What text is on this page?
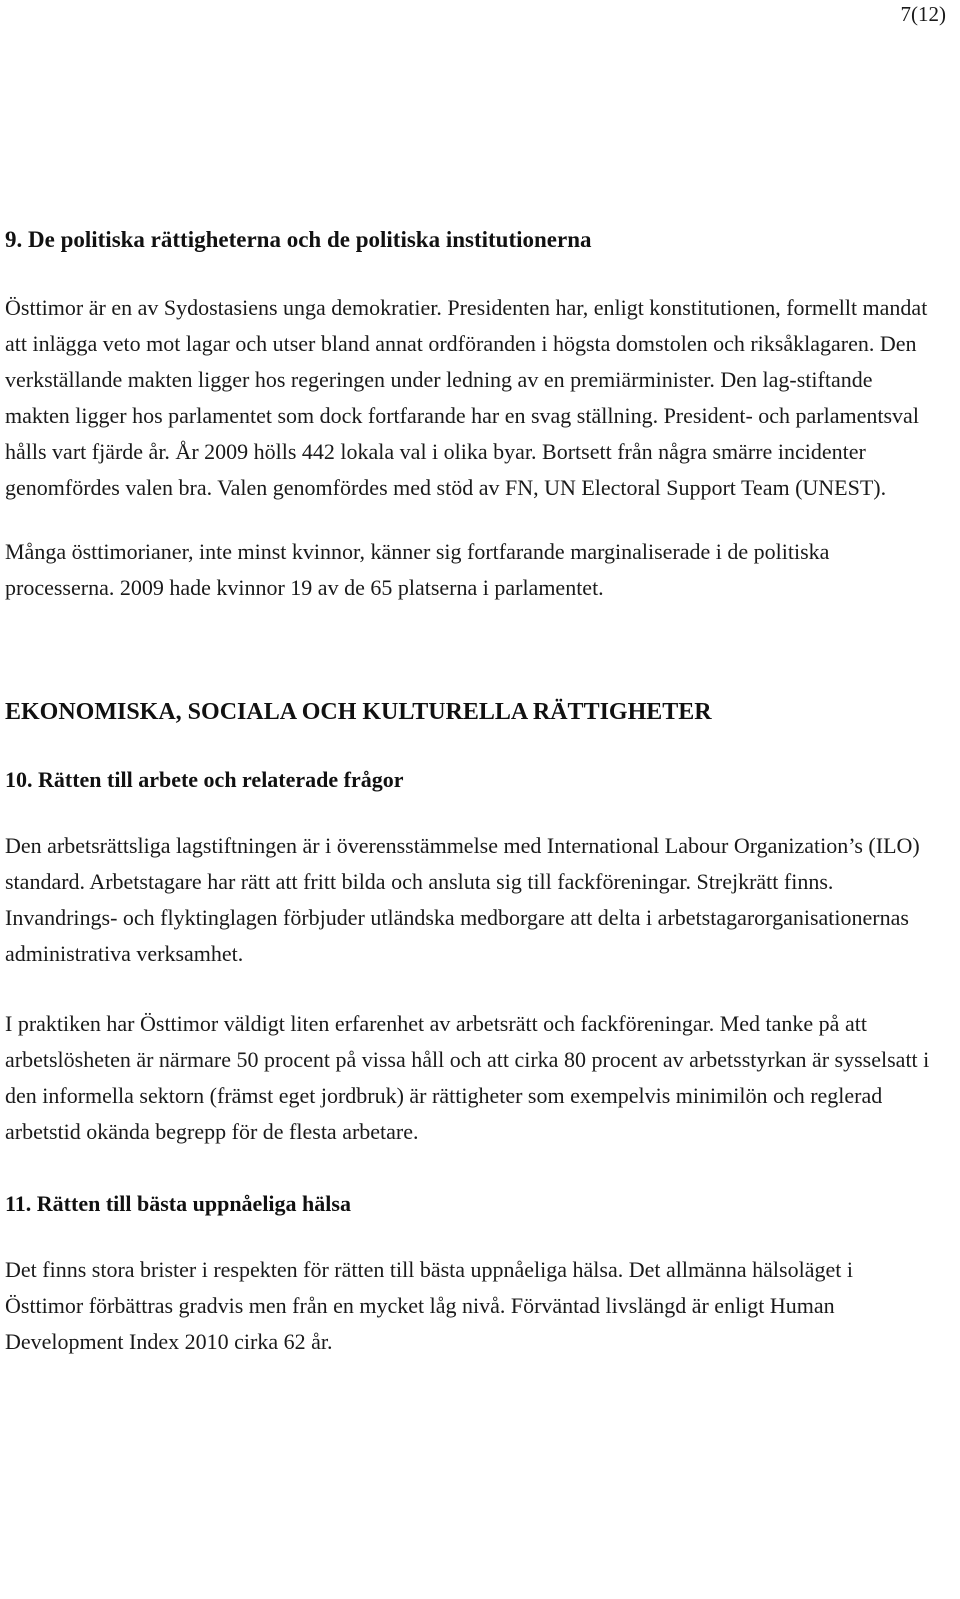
7(12)
9. De politiska rättigheterna och de politiska institutionerna

Östtimor är en av Sydostasiens unga demokratier. Presidenten har, enligt konstitutionen, formellt mandat att inlägga veto mot lagar och utser bland annat ordföranden i högsta domstolen och riksåklagaren. Den verkställande makten ligger hos regeringen under ledning av en premiärminister. Den lag-stiftande makten ligger hos parlamentet som dock fortfarande har en svag ställning. President- och parlamentsval hålls vart fjärde år. År 2009 hölls 442 lokala val i olika byar. Bortsett från några smärre incidenter genomfördes valen bra. Valen genomfördes med stöd av FN, UN Electoral Support Team (UNEST).

Många östtimorianer, inte minst kvinnor, känner sig fortfarande marginaliserade i de politiska processerna. 2009 hade kvinnor 19 av de 65 platserna i parlamentet.

EKONOMISKA, SOCIALA OCH KULTURELLA RÄTTIGHETER
10. Rätten till arbete och relaterade frågor

Den arbetsrättsliga lagstiftningen är i överensstämmelse med International Labour Organization’s (ILO) standard. Arbetstagare har rätt att fritt bilda och ansluta sig till fackföreningar. Strejkrätt finns. Invandrings- och flyktinglagen förbjuder utländska medborgare att delta i arbetstagarorganisationernas administrativa verksamhet.

I praktiken har Östtimor väldigt liten erfarenhet av arbetsrätt och fackföreningar. Med tanke på att arbetslösheten är närmare 50 procent på vissa håll och att cirka 80 procent av arbetsstyrkan är sysselsatt i den informella sektorn (främst eget jordbruk) är rättigheter som exempelvis minimilön och reglerad arbetstid okända begrepp för de flesta arbetare.

11. Rätten till bästa uppnåeliga hälsa

Det finns stora brister i respekten för rätten till bästa uppnåeliga hälsa. Det allmänna hälsoläget i Östtimor förbättras gradvis men från en mycket låg nivå. Förväntad livslängd är enligt Human Development Index 2010 cirka 62 år.
